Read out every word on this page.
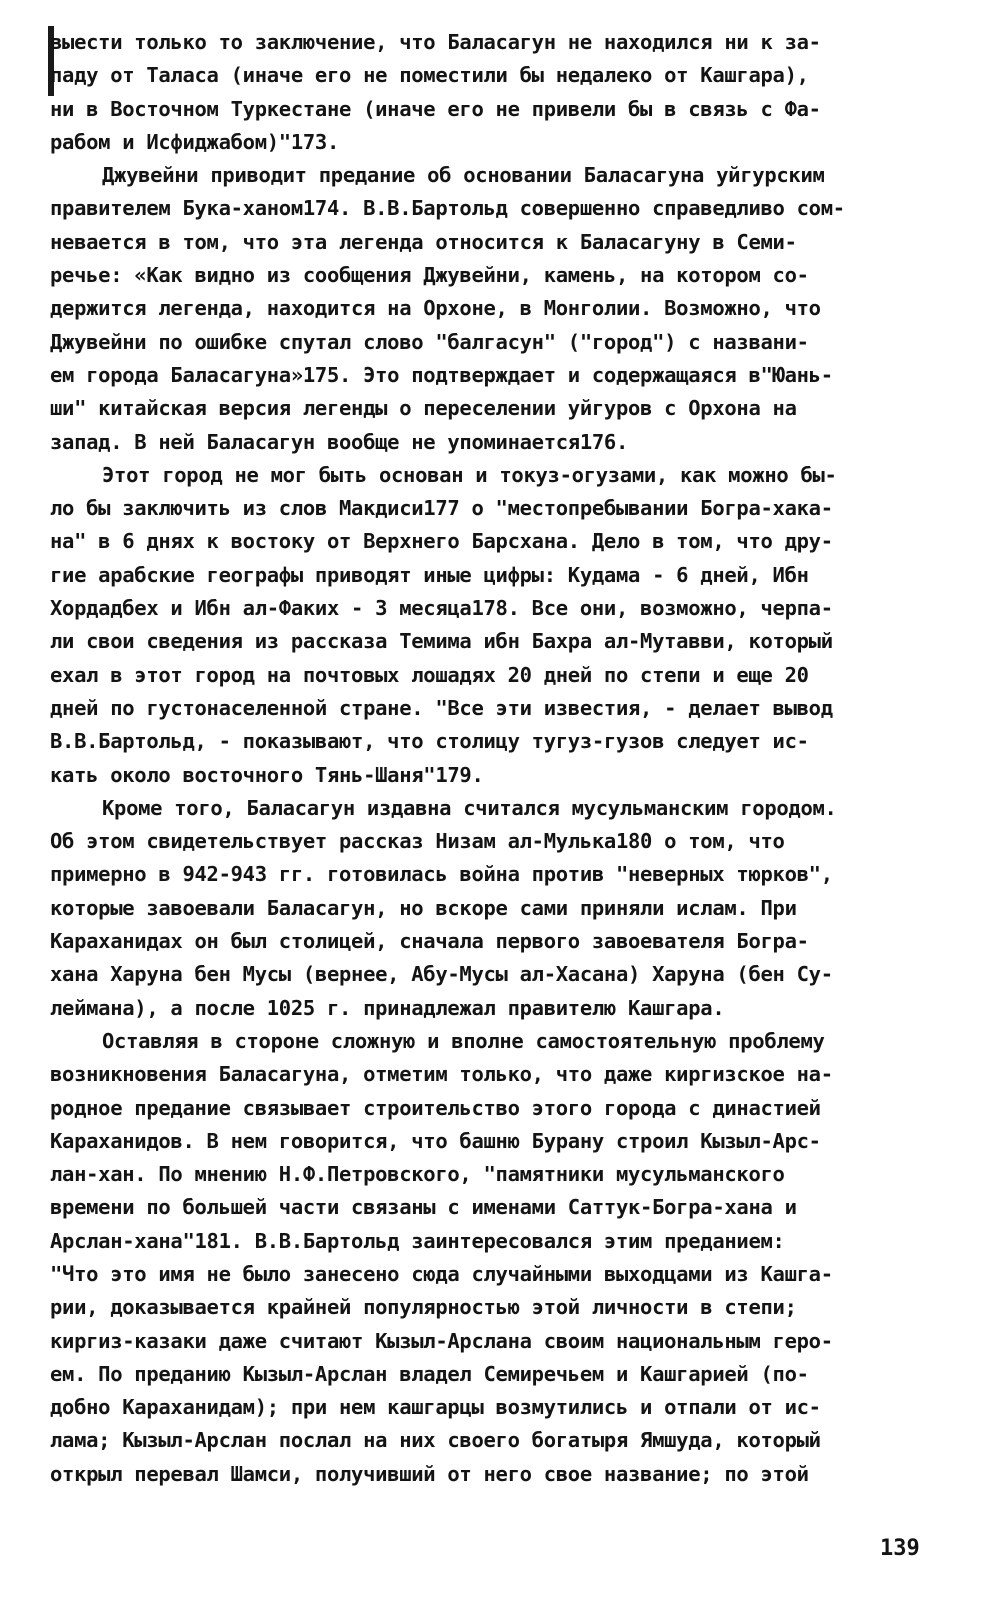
выести только то заключение, что Баласагун не находился ни к за-
паду от Таласа (иначе его не поместили бы недалеко от Кашгара),
ни в Восточном Туркестане (иначе его не привели бы в связь с Фа-
рабом и Исфиджабом)"173.
Джувейни приводит предание об основании Баласагуна уйгурским
правителем Бука-ханом174. В.В.Бартольд совершенно справедливо сом-
невается в том, что эта легенда относится к Баласагуну в Семи-
речье: «Как видно из сообщения Джувейни, камень, на котором со-
держится легенда, находится на Орхоне, в Монголии. Возможно, что
Джувейни по ошибке спутал слово "балгасун" ("город") с названи-
ем города Баласагуна»175. Это подтверждает и содержащаяся в"Юань-
ши" китайская версия легенды о переселении уйгуров с Орхона на
запад. В ней Баласагун вообще не упоминается176.
Этот город не мог быть основан и токуз-огузами, как можно бы-
ло бы заключить из слов Макдиси177 о "местопребывании Богра-хака-
на" в 6 днях к востоку от Верхнего Барсхана. Дело в том, что дру-
гие арабские географы приводят иные цифры: Кудама - 6 дней, Ибн
Хордадбех и Ибн ал-Факих - 3 месяца178. Все они, возможно, черпа-
ли свои сведения из рассказа Темима ибн Бахра ал-Мутавви, который
ехал в этот город на почтовых лошадях 20 дней по степи и еще 20
дней по густонаселенной стране. "Все эти известия, - делает вывод
В.В.Бартольд, - показывают, что столицу тугуз-гузов следует ис-
кать около восточного Тянь-Шаня"179.
Кроме того, Баласагун издавна считался мусульманским городом.
Об этом свидетельствует рассказ Низам ал-Мулька180 о том, что
примерно в 942-943 гг. готовилась война против "неверных тюрков",
которые завоевали Баласагун, но вскоре сами приняли ислам. При
Караханидах он был столицей, сначала первого завоевателя Богра-
хана Харуна бен Мусы (вернее, Абу-Мусы ал-Хасана) Харуна (бен Су-
леймана), а после 1025 г. принадлежал правителю Кашгара.
Оставляя в стороне сложную и вполне самостоятельную проблему
возникновения Баласагуна, отметим только, что даже киргизское на-
родное предание связывает строительство этого города с династией
Караханидов. В нем говорится, что башню Бурану строил Кызыл-Арс-
лан-хан. По мнению Н.Ф.Петровского, "памятники мусульманского
времени по большей части связаны с именами Саттук-Богра-хана и
Арслан-хана"181. В.В.Бартольд заинтересовался этим преданием:
"Что это имя не было занесено сюда случайными выходцами из Кашга-
рии, доказывается крайней популярностью этой личности в степи;
киргиз-казаки даже считают Кызыл-Арслана своим национальным геро-
ем. По преданию Кызыл-Арслан владел Семиречьем и Кашгарией (по-
добно Караханидам); при нем кашгарцы возмутились и отпали от ис-
лама; Кызыл-Арслан послал на них своего богатыря Ямшуда, который
открыл перевал Шамси, получивший от него свое название; по этой
139
